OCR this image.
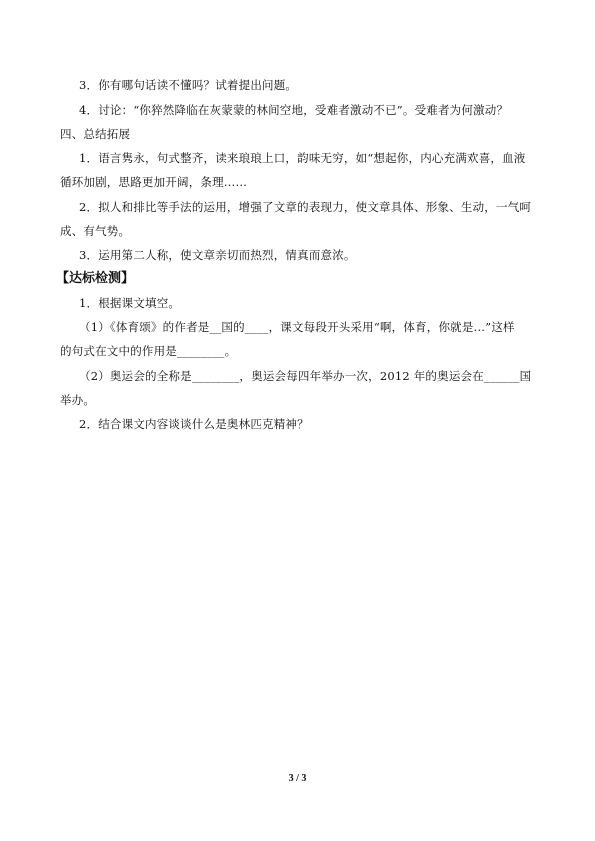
3．你有哪句话读不懂吗？试着提出问题。
4．讨论：“你猝然降临在灰蒙蒙的林间空地，受难者激动不已”。受难者为何激动？
四、总结拓展
1．语言隽永，句式整齐，读来琅琅上口，韵味无穷，如“想起你，内心充满欢喜，血液
循环加剧，思路更加开阔，条理……
2．拟人和排比等手法的运用，增强了文章的表现力，使文章具体、形象、生动，一气呵
成、有气势。
3．运用第二人称，使文章亲切而热烈，情真而意浓。
【达标检测】
1．根据课文填空。
（1）《体育颂》的作者是__国的____，课文每段开头采用“啊，体育，你就是…”这样
的句式在文中的作用是________。
（2）奥运会的全称是________，奥运会每四年举办一次，2012 年的奥运会在______国
举办。
2．结合课文内容谈谈什么是奥林匹克精神？
3 / 3
